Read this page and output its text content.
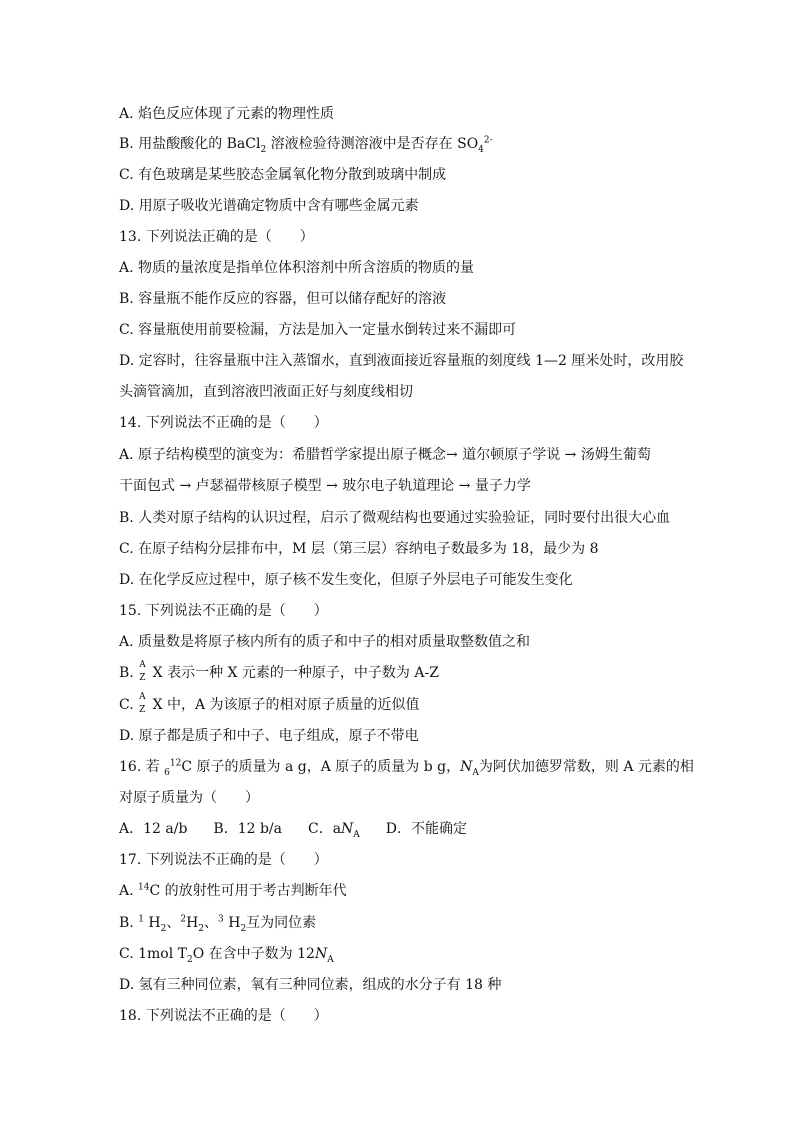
A. 焰色反应体现了元素的物理性质
B. 用盐酸酸化的 BaCl$_2$ 溶液检验待测溶液中是否存在 $SO_4^{2-}$
C. 有色玻璃是某些胶态金属氧化物分散到玻璃中制成
D. 用原子吸收光谱确定物质中含有哪些金属元素
13. 下列说法正确的是（　　）
A. 物质的量浓度是指单位体积溶剂中所含溶质的物质的量
B. 容量瓶不能作反应的容器，但可以储存配好的溶液
C. 容量瓶使用前要检漏，方法是加入一定量水倒转过来不漏即可
D. 定容时，往容量瓶中注入蒸馏水，直到液面接近容量瓶的刻度线 1—2 厘米处时，改用胶
头滴管滴加，直到溶液凹液面正好与刻度线相切
14. 下列说法不正确的是（　　）
A. 原子结构模型的演变为：希腊哲学家提出原子概念→ 道尔顿原子学说 → 汤姆生葡萄
干面包式 → 卢瑟福带核原子模型 → 玻尔电子轨道理论 → 量子力学
B. 人类对原子结构的认识过程，启示了微观结构也要通过实验验证，同时要付出很大心血
C. 在原子结构分层排布中，M 层（第三层）容纳电子数最多为 18，最少为 8
D. 在化学反应过程中，原子核不发生变化，但原子外层电子可能发生变化
15. 下列说法不正确的是（　　）
A. 质量数是将原子核内所有的质子和中子的相对质量取整数值之和
B. A
Z X 表示一种 X 元素的一种原子，中子数为 A-Z
C. A
Z X 中，A 为该原子的相对原子质量的近似值
D. 原子都是质子和中子、电子组成，原子不带电
16. 若 $_6^{12}$C 原子的质量为 a g，A 原子的质量为 b g，$N_A$为阿伏加德罗常数，则 A 元素的相
对原子质量为（　　）
A．12 a/b B．12 b/a C．$aN_A$ D．不能确定
17. 下列说法不正确的是（　　）
A. $^{14}$C 的放射性可用于考古判断年代
B. $^1$ $H_2$、$^2H_2$、$^3$ $H_2$互为同位素
C. 1mol $T_2O$ 在含中子数为 $12N_A$
D. 氢有三种同位素，氧有三种同位素，组成的水分子有 18 种
18. 下列说法不正确的是（　　）
